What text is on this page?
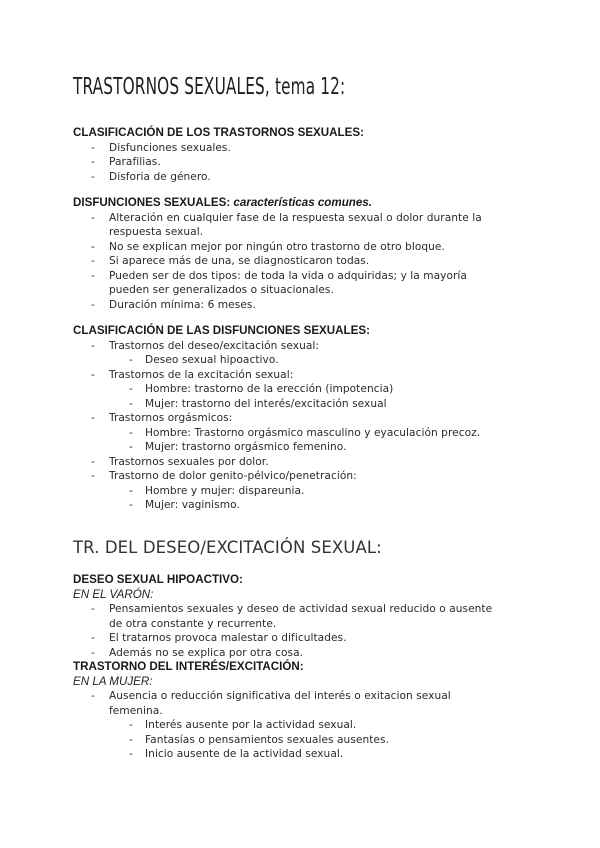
TRASTORNOS SEXUALES, tema 12:

CLASIFICACIÓN DE LOS TRASTORNOS SEXUALES:

- Disfunciones sexuales.
- Parafilias.
- Disforia de género.

DISFUNCIONES SEXUALES: características comunes.

- Alteración en cualquier fase de la respuesta sexual o dolor durante la
respuesta sexual.
- No se explican mejor por ningún otro trastorno de otro bloque.
- Si aparece más de una, se diagnosticaron todas.
- Pueden ser de dos tipos: de toda la vida o adquiridas; y la mayoría
pueden ser generalizados o situacionales.
- Duración mínima: 6 meses.

CLASIFICACIÓN DE LAS DISFUNCIONES SEXUALES:

- Trastornos del deseo/excitación sexual:
- Deseo sexual hipoactivo.
- Trastornos de la excitación sexual:
- Hombre: trastorno de la erección (impotencia)
- Mujer: trastorno del interés/excitación sexual
- Trastornos orgásmicos:
- Hombre: Trastorno orgásmico masculino y eyaculación precoz.
- Mujer: trastorno orgásmico femenino.
- Trastornos sexuales por dolor.
- Trastorno de dolor genito-pélvico/penetración:
- Hombre y mujer: dispareunia.
- Mujer: vaginismo.
TR. DEL DESEO/EXCITACIÓN SEXUAL:

DESEO SEXUAL HIPOACTIVO:

EN EL VARÓN:

- Pensamientos sexuales y deseo de actividad sexual reducido o ausente
de otra constante y recurrente.
- El tratarnos provoca malestar o dificultades.
- Además no se explica por otra cosa.

TRASTORNO DEL INTERÉS/EXCITACIÓN:

EN LA MUJER:

- Ausencia o reducción significativa del interés o exitacion sexual
femenina.
- Interés ausente por la actividad sexual.
- Fantasías o pensamientos sexuales ausentes.
- Inicio ausente de la actividad sexual.
